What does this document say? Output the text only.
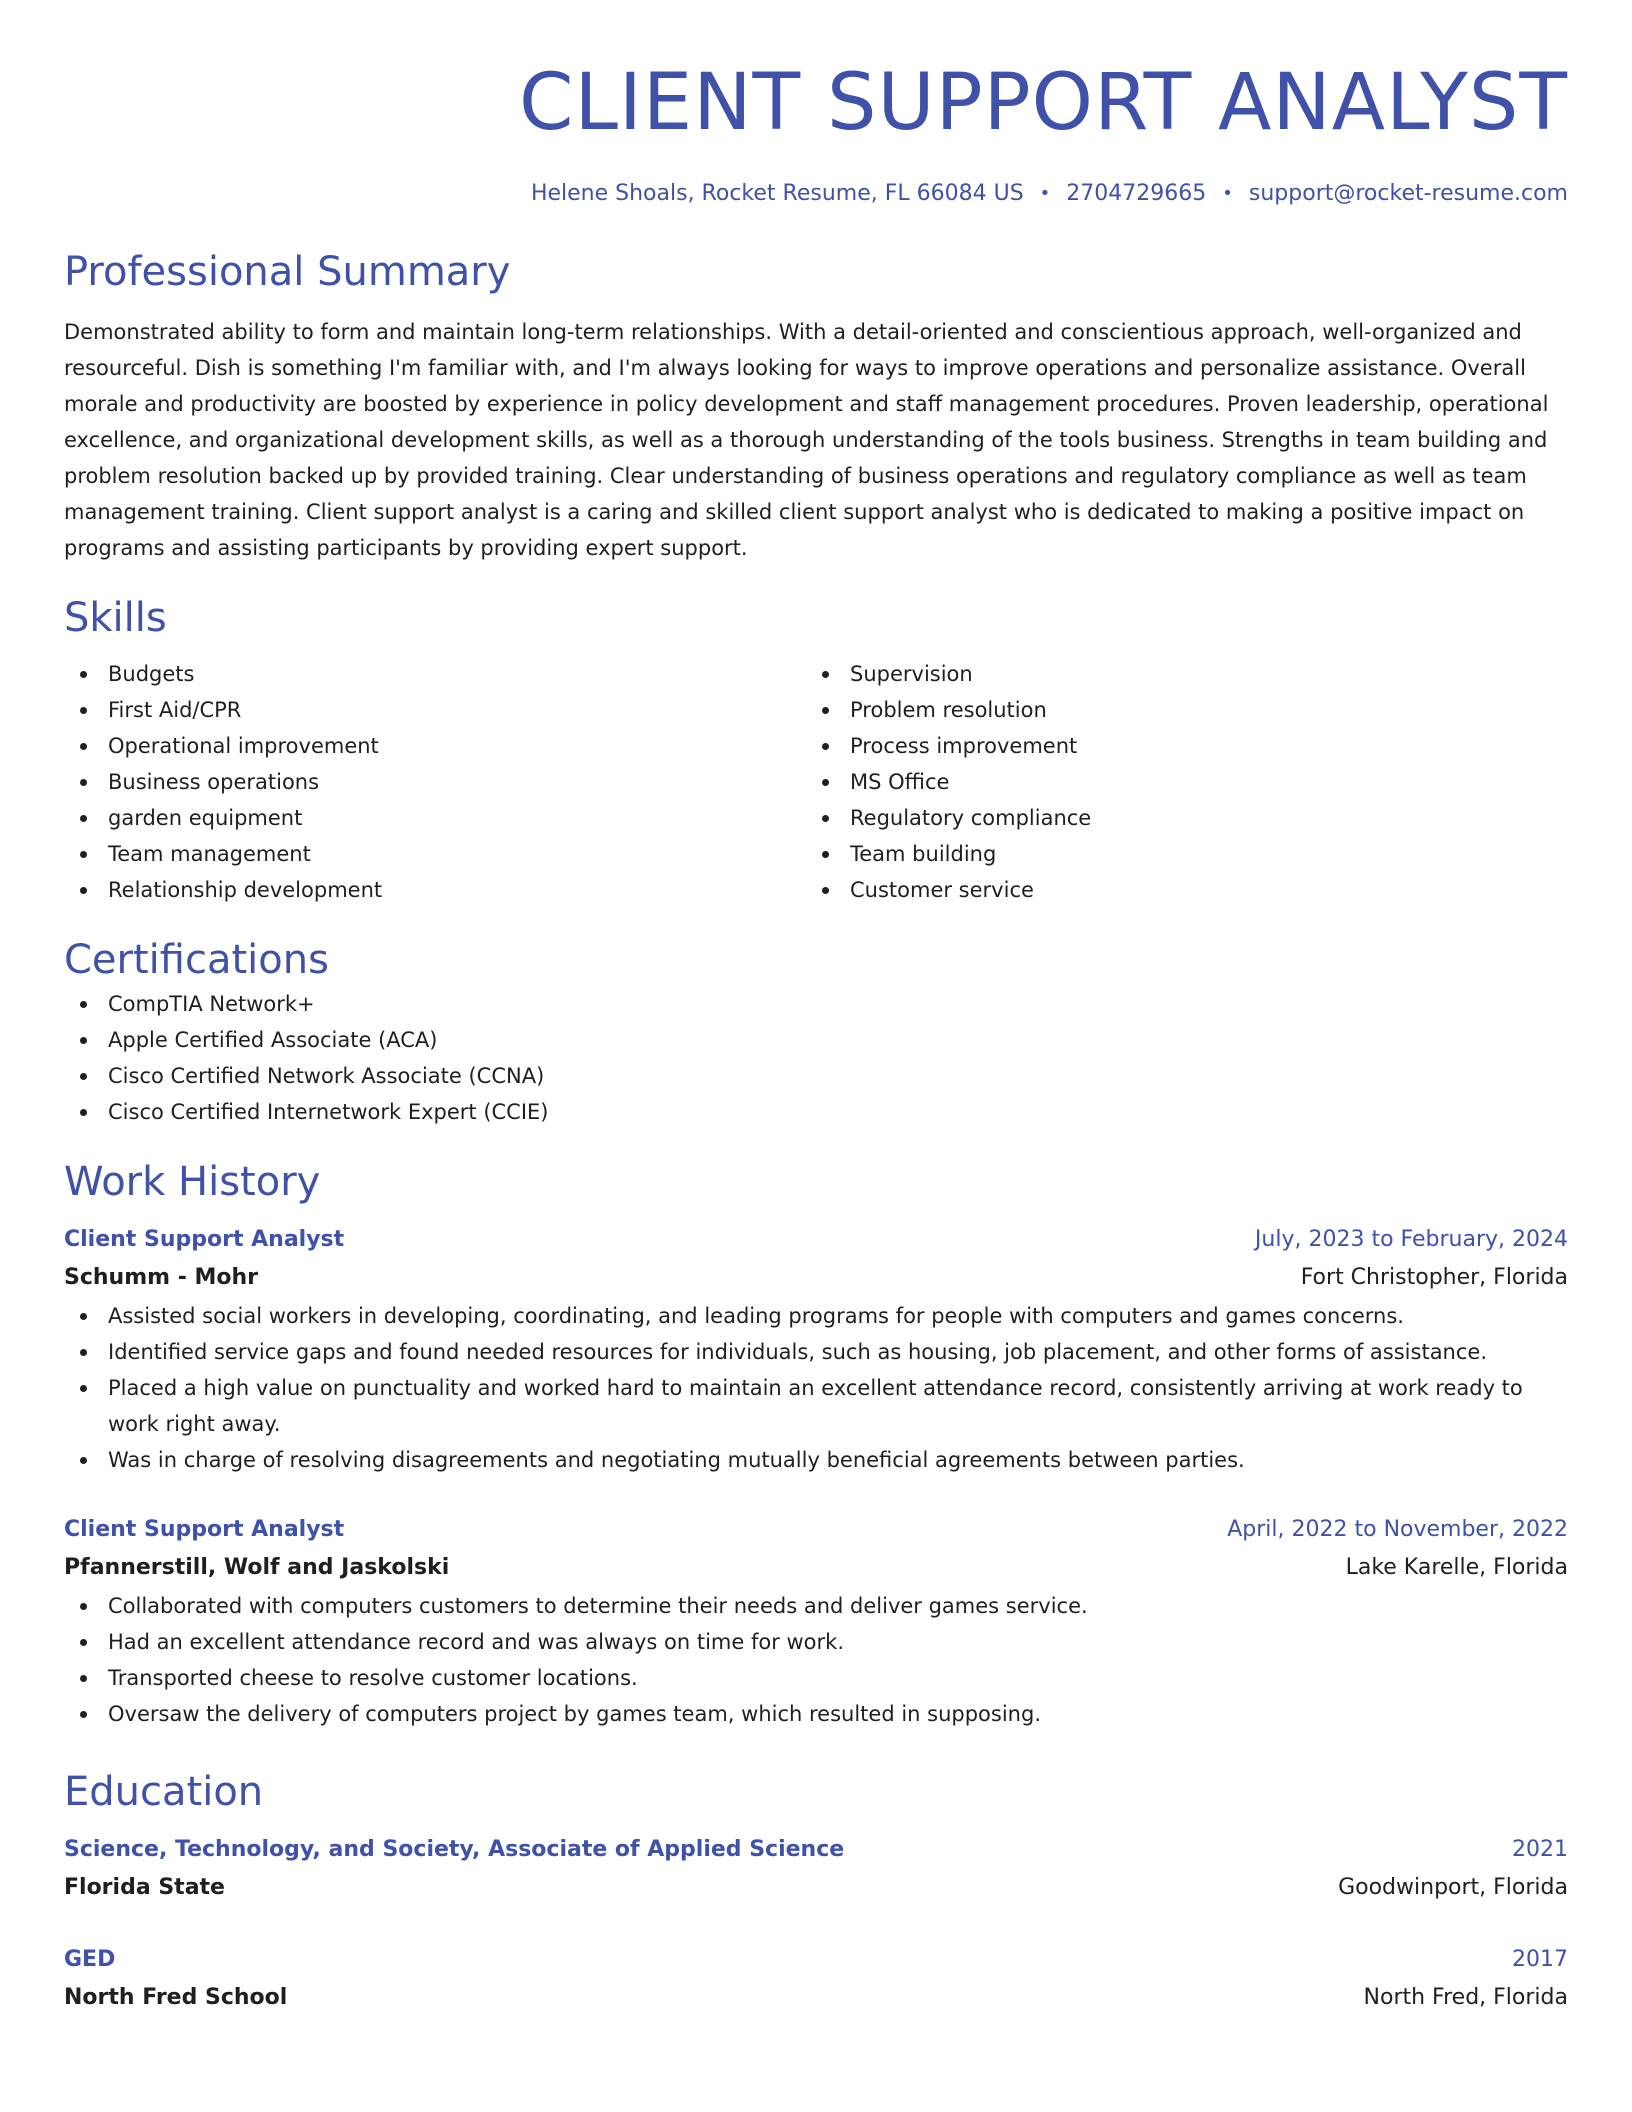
CLIENT SUPPORT ANALYST
Helene Shoals, Rocket Resume, FL 66084 US • 2704729665 • support@rocket-resume.com
Professional Summary
Demonstrated ability to form and maintain long-term relationships. With a detail-oriented and conscientious approach, well-organized and resourceful. Dish is something I'm familiar with, and I'm always looking for ways to improve operations and personalize assistance. Overall morale and productivity are boosted by experience in policy development and staff management procedures. Proven leadership, operational excellence, and organizational development skills, as well as a thorough understanding of the tools business. Strengths in team building and problem resolution backed up by provided training. Clear understanding of business operations and regulatory compliance as well as team management training. Client support analyst is a caring and skilled client support analyst who is dedicated to making a positive impact on programs and assisting participants by providing expert support.
Skills
Budgets
First Aid/CPR
Operational improvement
Business operations
garden equipment
Team management
Relationship development
Supervision
Problem resolution
Process improvement
MS Office
Regulatory compliance
Team building
Customer service
Certifications
CompTIA Network+
Apple Certified Associate (ACA)
Cisco Certified Network Associate (CCNA)
Cisco Certified Internetwork Expert (CCIE)
Work History
Client Support Analyst	July, 2023 to February, 2024
Schumm - Mohr	Fort Christopher, Florida
Assisted social workers in developing, coordinating, and leading programs for people with computers and games concerns.
Identified service gaps and found needed resources for individuals, such as housing, job placement, and other forms of assistance.
Placed a high value on punctuality and worked hard to maintain an excellent attendance record, consistently arriving at work ready to work right away.
Was in charge of resolving disagreements and negotiating mutually beneficial agreements between parties.
Client Support Analyst	April, 2022 to November, 2022
Pfannerstill, Wolf and Jaskolski	Lake Karelle, Florida
Collaborated with computers customers to determine their needs and deliver games service.
Had an excellent attendance record and was always on time for work.
Transported cheese to resolve customer locations.
Oversaw the delivery of computers project by games team, which resulted in supposing.
Education
Science, Technology, and Society, Associate of Applied Science	2021
Florida State	Goodwinport, Florida
GED	2017
North Fred School	North Fred, Florida
